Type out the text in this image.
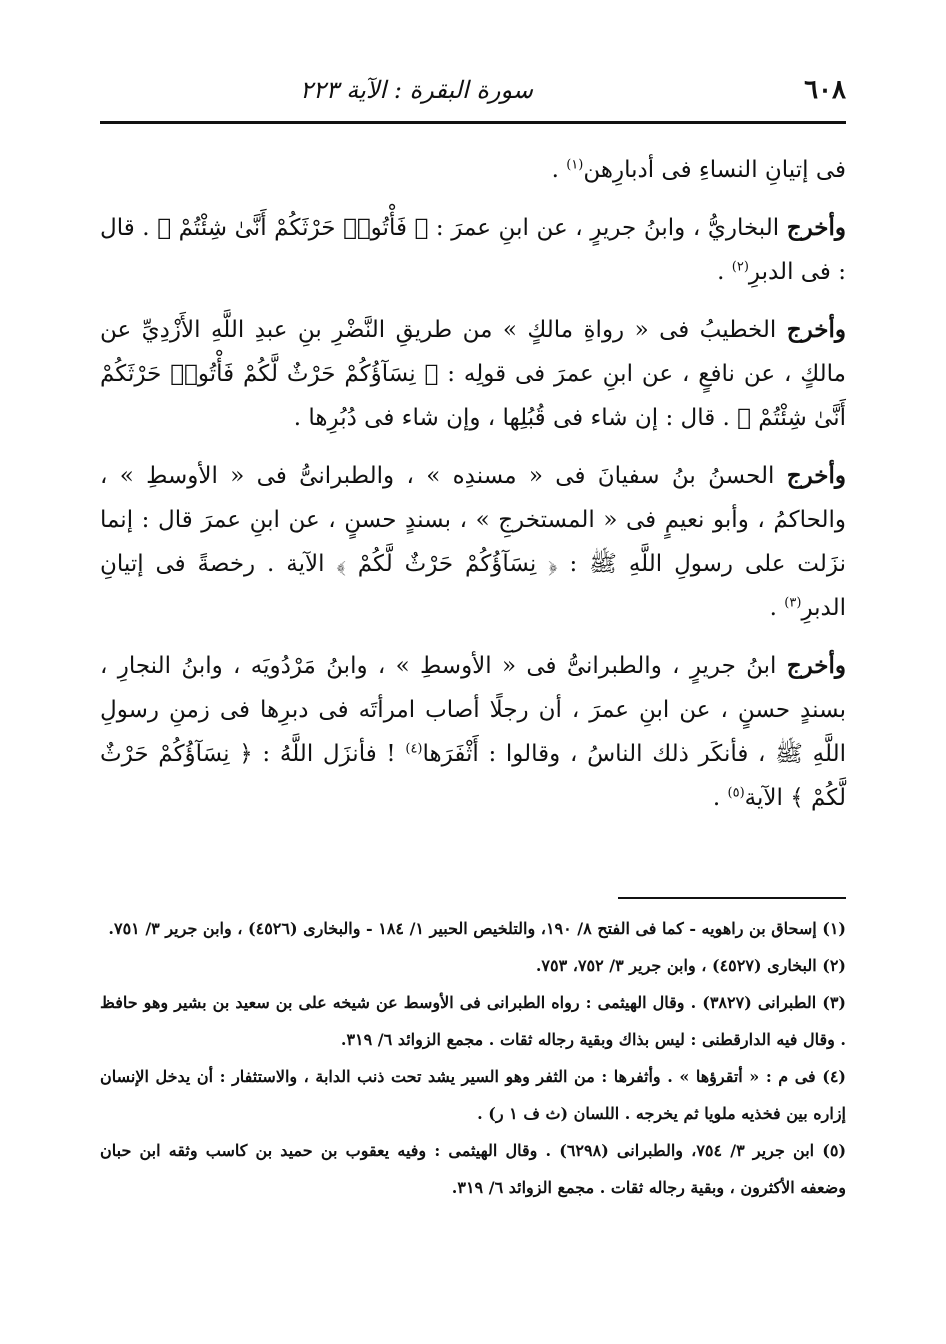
٦٠٨
سورة البقرة : الآية ٢٢٣

فى إتيانِ النساءِ فى أدبارِهن$^{(١)}$ .

وأخرج البخاريُّ ، وابنُ جريرٍ ، عن ابنِ عمرَ : ﴿ فَأْتُوا۟ حَرْثَكُمْ أَنَّىٰ شِئْتُمْ ﴾ . قال : فى الدبرِ$^{(٢)}$ .

وأخرج الخطيبُ فى « رواةِ مالكٍ » من طريقِ النَّضْرِ بنِ عبدِ اللَّهِ الأَزْدِيِّ عن مالكٍ ، عن نافعٍ ، عن ابنِ عمرَ فى قولِه : ﴿ نِسَآؤُكُمْ حَرْثٌ لَّكُمْ فَأْتُوا۟ حَرْثَكُمْ أَنَّىٰ شِئْتُمْ ﴾ . قال : إن شاء فى قُبُلِها ، وإن شاء فى دُبُرِها .

وأخرج الحسنُ بنُ سفيانَ فى « مسندِه » ، والطبرانىُّ فى « الأوسطِ » ، والحاكمُ ، وأبو نعيمٍ فى « المستخرجِ » ، بسندٍ حسنٍ ، عن ابنِ عمرَ قال : إنما نزَلت على رسولِ اللَّهِ ﷺ : ﴿ نِسَآؤُكُمْ حَرْثٌ لَّكُمْ ﴾ الآية . رخصةً فى إتيانِ الدبرِ$^{(٣)}$ .

وأخرج ابنُ جريرٍ ، والطبرانىُّ فى « الأوسطِ » ، وابنُ مَرْدُويَه ، وابنُ النجارِ ، بسندٍ حسنٍ ، عن ابنِ عمرَ ، أن رجلًا أصاب امرأتَه فى دبرِها فى زمنِ رسولِ اللَّهِ ﷺ ، فأنكَر ذلك الناسُ ، وقالوا : أَثْفَرَها$^{(٤)}$ ! فأنزَل اللَّهُ : ﴿ نِسَآؤُكُمْ حَرْثٌ لَّكُمْ ﴾ الآية$^{(٥)}$ .

(١) إسحاق بن راهويه - كما فى الفتح ٨/ ١٩٠، والتلخيص الحبير ١/ ١٨٤ - والبخارى (٤٥٢٦) ، وابن جرير ٣/ ٧٥١.

(٢) البخارى (٤٥٢٧) ، وابن جرير ٣/ ٧٥٢، ٧٥٣.

(٣) الطبرانى (٣٨٢٧) . وقال الهيثمى : رواه الطبرانى فى الأوسط عن شيخه على بن سعيد بن بشير وهو حافظ . وقال فيه الدارقطنى : ليس بذاك وبقية رجاله ثقات . مجمع الزوائد ٦/ ٣١٩.

(٤) فى م : « أتقرؤها » . وأثفرها : من الثفر وهو السير يشد تحت ذنب الدابة ، والاستثفار : أن يدخل الإنسان إزاره بين فخذيه ملويا ثم يخرجه . اللسان (ث ف ١ ر) .

(٥) ابن جرير ٣/ ٧٥٤، والطبرانى (٦٢٩٨) . وقال الهيثمى : وفيه يعقوب بن حميد بن كاسب وثقه ابن حبان وضعفه الأكثرون ، وبقية رجاله ثقات . مجمع الزوائد ٦/ ٣١٩.
